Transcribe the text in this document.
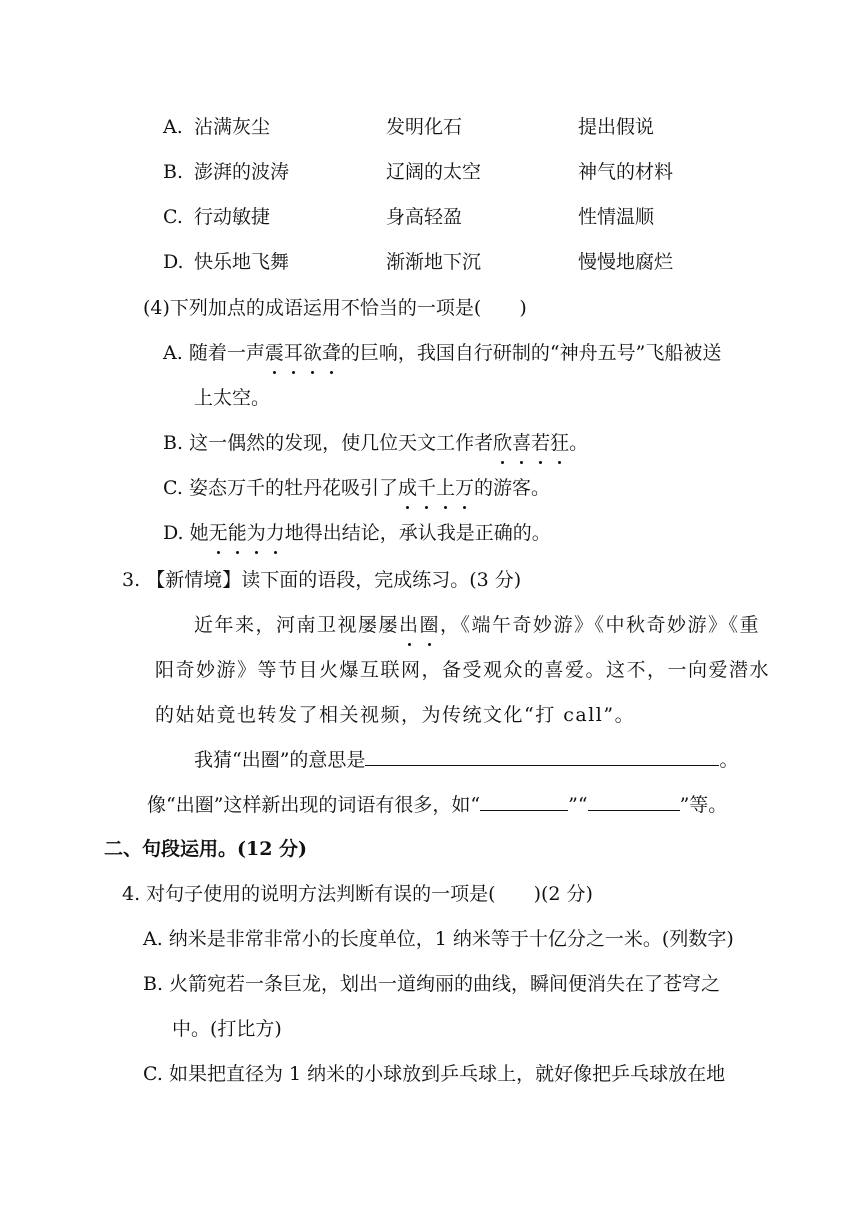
A. 沾满灰尘	发明化石	提出假说
B. 澎湃的波涛	辽阔的太空	神气的材料
C. 行动敏捷	身高轻盈	性情温顺
D. 快乐地飞舞	渐渐地下沉	慢慢地腐烂
(4)下列加点的成语运用不恰当的一项是(　　)
A. 随着一声震耳欲聋的巨响，我国自行研制的“神舟五号”飞船被送
上太空。
B. 这一偶然的发现，使几位天文工作者欣喜若狂。
C. 姿态万千的牡丹花吸引了成千上万的游客。
D. 她无能为力地得出结论，承认我是正确的。
3. 【新情境】读下面的语段，完成练习。(3 分)
近年来，河南卫视屡屡出圈，《端午奇妙游》《中秋奇妙游》《重
阳奇妙游》等节目火爆互联网，备受观众的喜爱。这不，一向爱潜水
的姑姑竟也转发了相关视频，为传统文化“打 call”。
我猜“出圈”的意思是	。
像“出圈”这样新出现的词语有很多，如“	”“	”等。
二、句段运用。(12 分)
4. 对句子使用的说明方法判断有误的一项是(　　)(2 分)
A. 纳米是非常非常小的长度单位，1 纳米等于十亿分之一米。(列数字)
B. 火箭宛若一条巨龙，划出一道绚丽的曲线，瞬间便消失在了苍穹之
中。(打比方)
C. 如果把直径为 1 纳米的小球放到乒乓球上，就好像把乒乓球放在地
